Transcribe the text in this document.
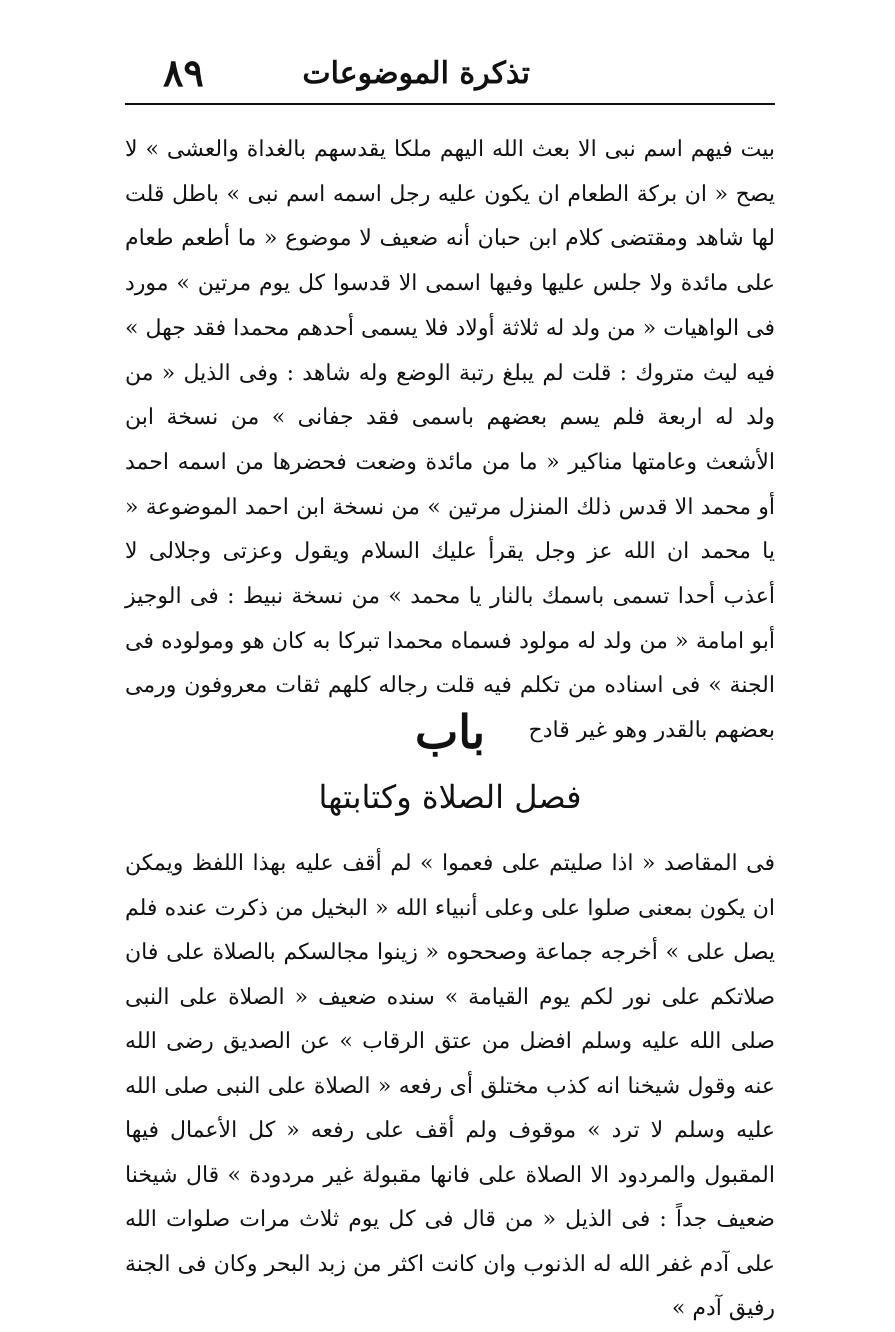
٨٩	تذكرة الموضوعات
بيت فيهم اسم نبى الا بعث الله اليهم ملكا يقدسهم بالغداة والعشى » لا يصح « ان بركة الطعام ان يكون عليه رجل اسمه اسم نبى » باطل قلت لها شاهد ومقتضى كلام ابن حبان أنه ضعيف لا موضوع « ما أطعم طعام على مائدة ولا جلس عليها وفيها اسمى الا قدسوا كل يوم مرتين » مورد فى الواهيات « من ولد له ثلاثة أولاد فلا يسمى أحدهم محمدا فقد جهل » فيه ليث متروك : قلت لم يبلغ رتبة الوضع وله شاهد : وفى الذيل « من ولد له اربعة فلم يسم بعضهم باسمى فقد جفانى » من نسخة ابن الأشعث وعامتها مناكير « ما من مائدة وضعت فحضرها من اسمه احمد أو محمد الا قدس ذلك المنزل مرتين » من نسخة ابن احمد الموضوعة « يا محمد ان الله عز وجل يقرأ عليك السلام ويقول وعزتى وجلالى لا أعذب أحدا تسمى باسمك بالنار يا محمد » من نسخة نبيط : فى الوجيز أبو امامة « من ولد له مولود فسماه محمدا تبركا به كان هو ومولوده فى الجنة » فى اسناده من تكلم فيه قلت رجاله كلهم ثقات معروفون ورمى بعضهم بالقدر وهو غير قادح
باب
فصل الصلاة وكتابتها
فى المقاصد « اذا صليتم على فعموا » لم أقف عليه بهذا اللفظ ويمكن ان يكون بمعنى صلوا على وعلى أنبياء الله « البخيل من ذكرت عنده فلم يصل على » أخرجه جماعة وصححوه « زينوا مجالسكم بالصلاة على فان صلاتكم على نور لكم يوم القيامة » سنده ضعيف « الصلاة على النبى صلى الله عليه وسلم افضل من عتق الرقاب » عن الصديق رضى الله عنه وقول شيخنا انه كذب مختلق أى رفعه « الصلاة على النبى صلى الله عليه وسلم لا ترد » موقوف ولم أقف على رفعه « كل الأعمال فيها المقبول والمردود الا الصلاة على فانها مقبولة غير مردودة » قال شيخنا ضعيف جداً : فى الذيل « من قال فى كل يوم ثلاث مرات صلوات الله على آدم غفر الله له الذنوب وان كانت اكثر من زبد البحر وكان فى الجنة رفيق آدم »
